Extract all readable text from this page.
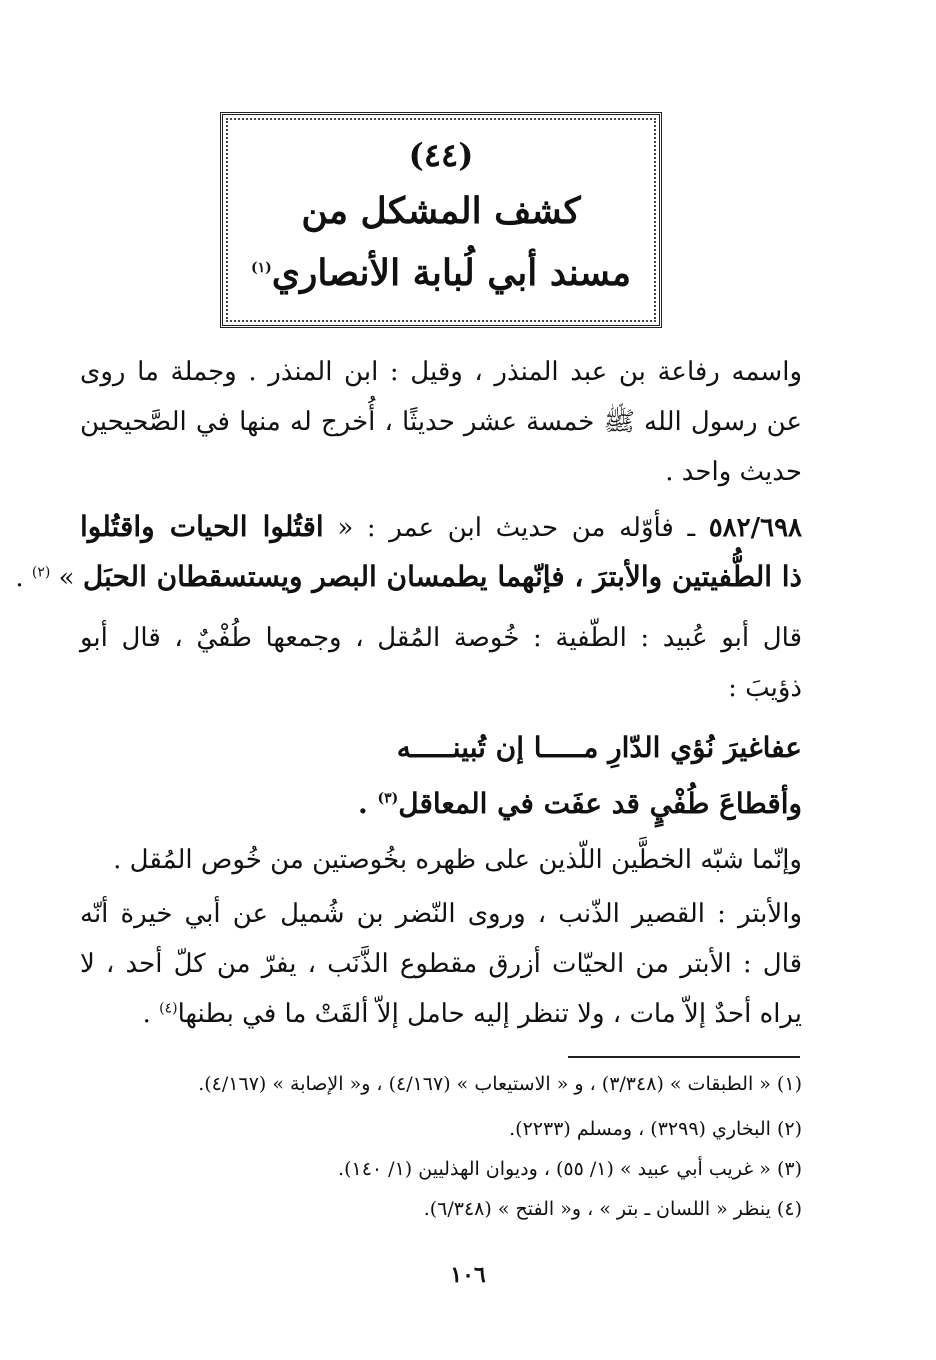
(٤٤)
كشف المشكل من
مسند أبي لُبابة الأنصاري$^{(١)}$
واسمه رفاعة بن عبد المنذر ، وقيل : ابن المنذر . وجملة ما روى
عن رسول الله ﷺ خمسة عشر حديثًا ، أُخرج له منها في الصَّحيحين
حديث واحد .
٥٨٢/٦٩٨ ـ فأوّله من حديث ابن عمر : « اقتُلوا الحيات واقتُلوا
ذا الطُّفيتين والأبترَ ، فإنّهما يطمسان البصر ويستسقطان الحبَل » $^{(٢)}$ .
قال أبو عُبيد : الطّفية : خُوصة المُقل ، وجمعها طُفْيٌ ، قال أبو
ذؤيبَ :
عفاغيرَ نُؤي الدّارِ مـــــا إن تُبينـــــه
وأقطاعَ طُفْيٍ قد عفَت في المعاقل$^{(٣)}$ .
وإنّما شبّه الخطَّين اللّذين على ظهره بخُوصتين من خُوص المُقل .
والأبتر : القصير الذّنب ، وروى النّضر بن شُميل عن أبي خيرة أنّه
قال : الأبتر من الحيّات أزرق مقطوع الذَّنَب ، يفرّ من كلّ أحد ، لا
يراه أحدٌ إلاّ مات ، ولا تنظر إليه حامل إلاّ ألقَتْ ما في بطنها$^{(٤)}$ .
(١) « الطبقات » (٣/٣٤٨) ، و « الاستيعاب » (٤/١٦٧) ، و« الإصابة » (٤/١٦٧).
(٢) البخاري (٣٢٩٩) ، ومسلم (٢٢٣٣).
(٣) « غريب أبي عبيد » (١/ ٥٥) ، وديوان الهذليين (١/ ١٤٠).
(٤) ينظر « اللسان ـ بتر » ، و« الفتح » (٦/٣٤٨).
١٠٦
